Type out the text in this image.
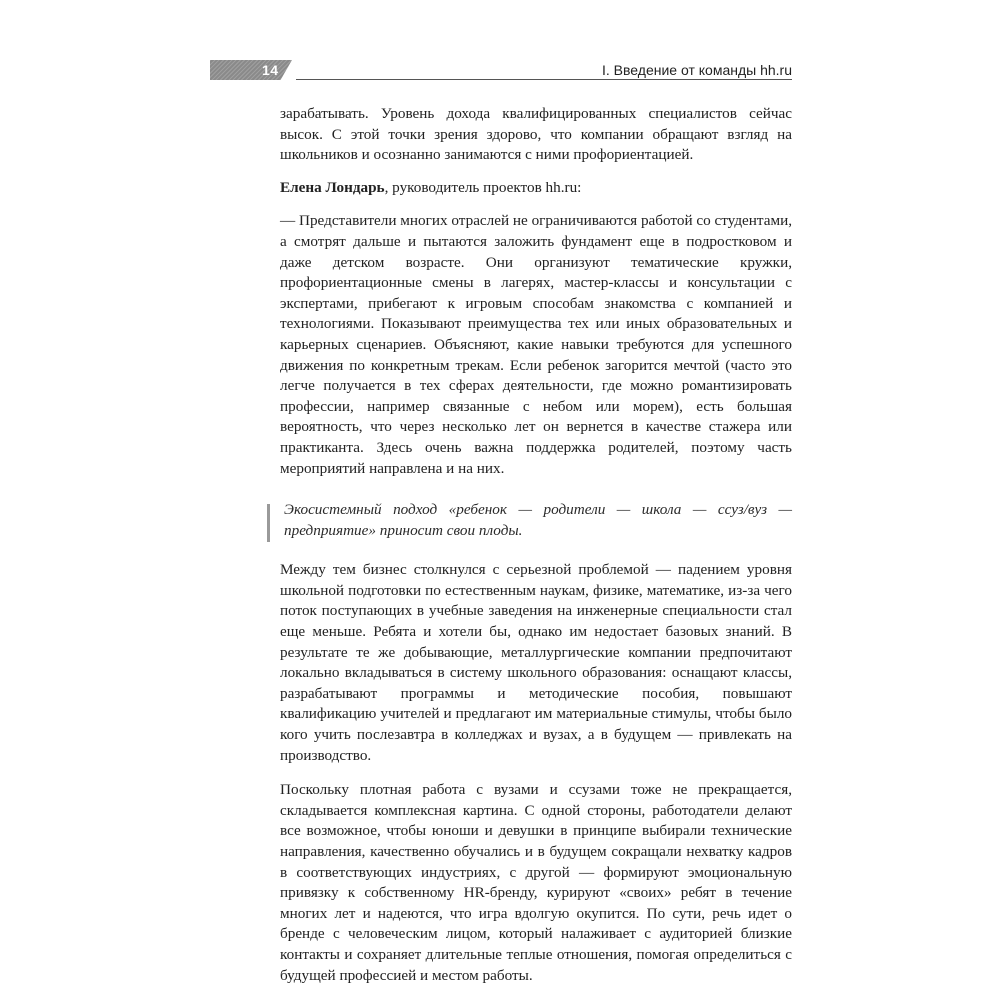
14	I. Введение от команды hh.ru

зарабатывать. Уровень дохода квалифицированных специалистов сейчас высок. С этой точки зрения здорово, что компании обращают взгляд на школьников и осознанно занимаются с ними профориентацией.

Елена Лондарь, руководитель проектов hh.ru:

— Представители многих отраслей не ограничиваются работой со студентами, а смотрят дальше и пытаются заложить фундамент еще в подростковом и даже детском возрасте. Они организуют тематические кружки, профориентационные смены в лагерях, мастер-классы и консультации с экспертами, прибегают к игровым способам знакомства с компанией и технологиями. Показывают преимущества тех или иных образовательных и карьерных сценариев. Объясняют, какие навыки требуются для успешного движения по конкретным трекам. Если ребенок загорится мечтой (часто это легче получается в тех сферах деятельности, где можно романтизировать профессии, например связанные с небом или морем), есть большая вероятность, что через несколько лет он вернется в качестве стажера или практиканта. Здесь очень важна поддержка родителей, поэтому часть мероприятий направлена и на них.

Экосистемный подход «ребенок — родители — школа — ссуз/вуз — предприятие» приносит свои плоды.

Между тем бизнес столкнулся с серьезной проблемой — падением уровня школьной подготовки по естественным наукам, физике, математике, из-за чего поток поступающих в учебные заведения на инженерные специальности стал еще меньше. Ребята и хотели бы, однако им недостает базовых знаний. В результате те же добывающие, металлургические компании предпочитают локально вкладываться в систему школьного образования: оснащают классы, разрабатывают программы и методические пособия, повышают квалификацию учителей и предлагают им материальные стимулы, чтобы было кого учить послезавтра в колледжах и вузах, а в будущем — привлекать на производство.

Поскольку плотная работа с вузами и ссузами тоже не прекращается, складывается комплексная картина. С одной стороны, работодатели делают все возможное, чтобы юноши и девушки в принципе выбирали технические направления, качественно обучались и в будущем сокращали нехватку кадров в соответствующих индустриях, с другой — формируют эмоциональную привязку к собственному HR-бренду, курируют «своих» ребят в течение многих лет и надеются, что игра вдолгую окупится. По сути, речь идет о бренде с человеческим лицом, который налаживает с аудиторией близкие контакты и сохраняет длительные теплые отношения, помогая определиться с будущей профессией и местом работы.
